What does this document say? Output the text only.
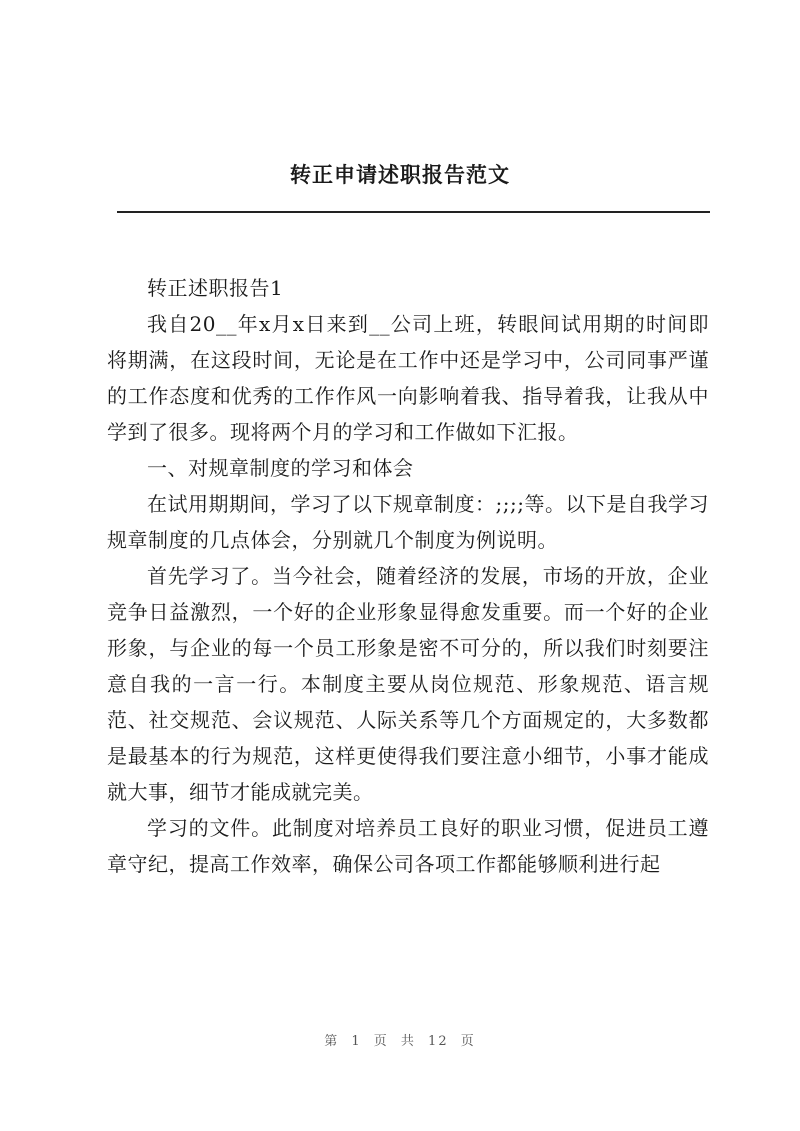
转正申请述职报告范文

转正述职报告1

我自20__年x月x日来到__公司上班，转眼间试用期的时间即将期满，在这段时间，无论是在工作中还是学习中，公司同事严谨的工作态度和优秀的工作作风一向影响着我、指导着我，让我从中学到了很多。现将两个月的学习和工作做如下汇报。

一、对规章制度的学习和体会

在试用期期间，学习了以下规章制度：;;;;等。以下是自我学习规章制度的几点体会，分别就几个制度为例说明。

首先学习了。当今社会，随着经济的发展，市场的开放，企业竞争日益激烈，一个好的企业形象显得愈发重要。而一个好的企业形象，与企业的每一个员工形象是密不可分的，所以我们时刻要注意自我的一言一行。本制度主要从岗位规范、形象规范、语言规范、社交规范、会议规范、人际关系等几个方面规定的，大多数都是最基本的行为规范，这样更使得我们要注意小细节，小事才能成就大事，细节才能成就完美。

学习的文件。此制度对培养员工良好的职业习惯，促进员工遵章守纪，提高工作效率，确保公司各项工作都能够顺利进行起

第 1 页 共 12 页
